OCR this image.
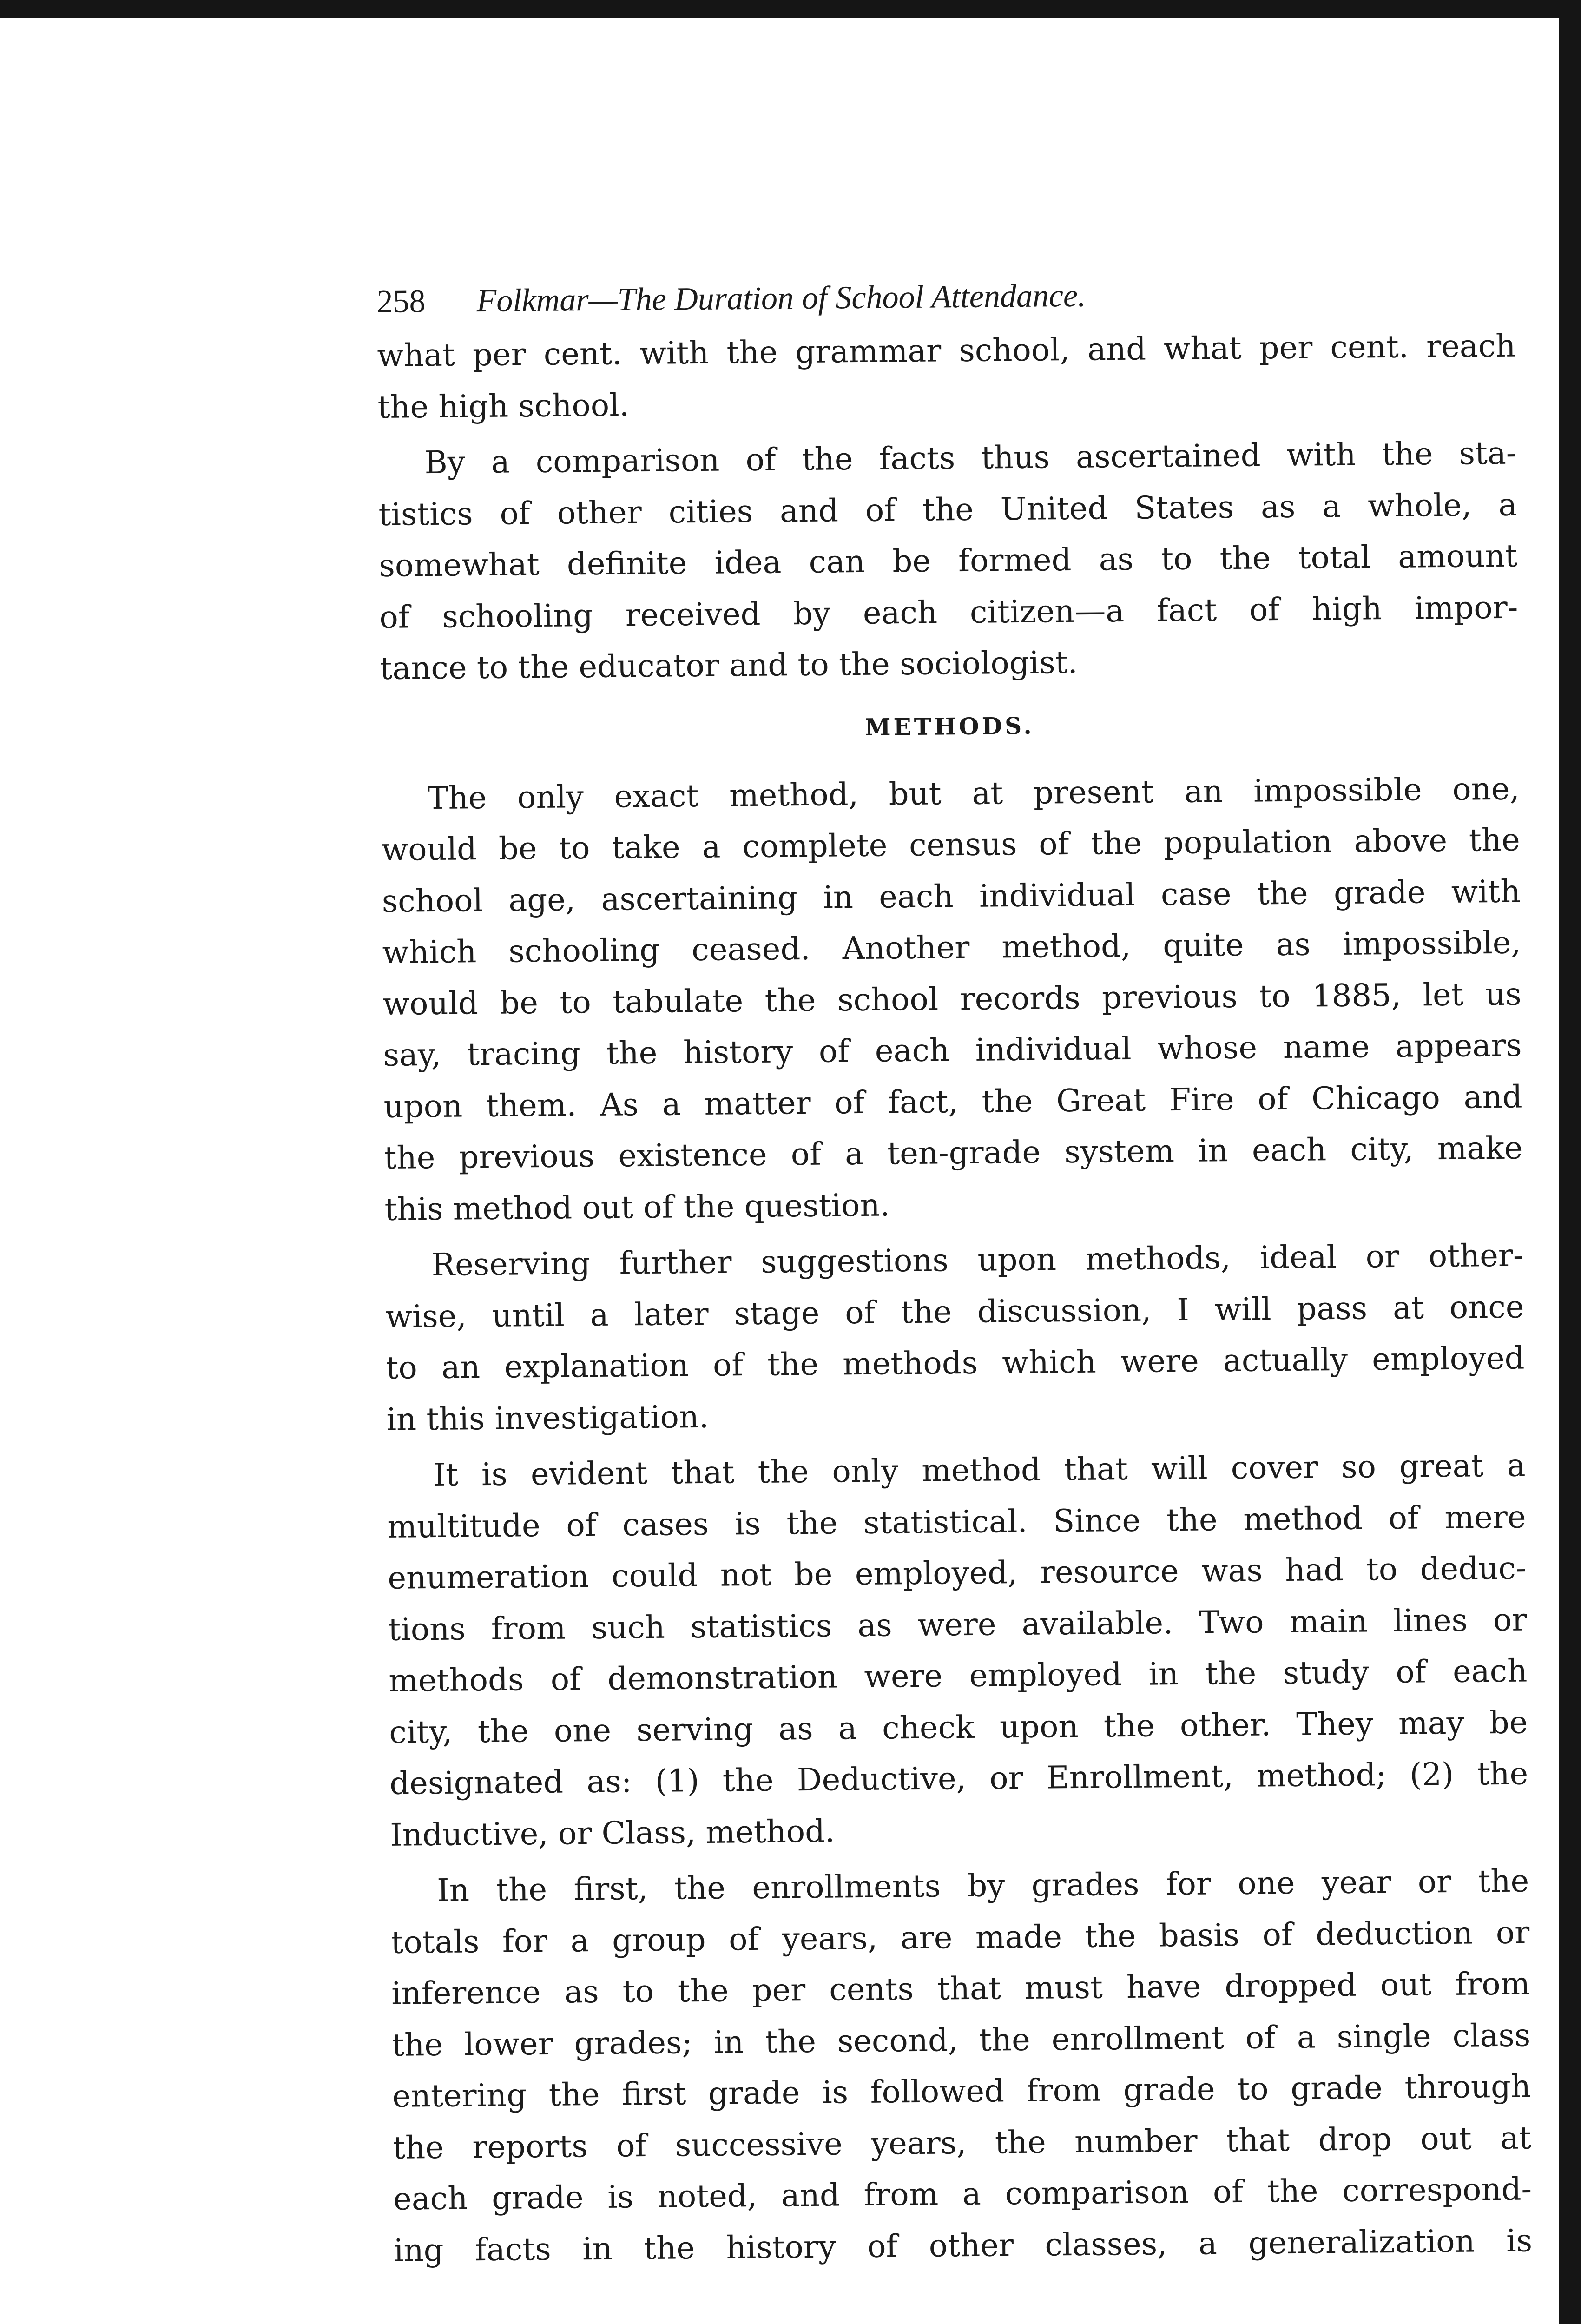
258 Folkmar—The Duration of School Attendance.

what per cent. with the grammar school, and what per cent. reach
the high school.

By a comparison of the facts thus ascertained with the sta-
tistics of other cities and of the United States as a whole, a
somewhat definite idea can be formed as to the total amount
of schooling received by each citizen—a fact of high impor-
tance to the educator and to the sociologist.

METHODS.

The only exact method, but at present an impossible one,
would be to take a complete census of the population above the
school age, ascertaining in each individual case the grade with
which schooling ceased. Another method, quite as impossible,
would be to tabulate the school records previous to 1885, let us
say, tracing the history of each individual whose name appears
upon them. As a matter of fact, the Great Fire of Chicago and
the previous existence of a ten-grade system in each city, make
this method out of the question.

Reserving further suggestions upon methods, ideal or other-
wise, until a later stage of the discussion, I will pass at once
to an explanation of the methods which were actually employed
in this investigation.

It is evident that the only method that will cover so great a
multitude of cases is the statistical. Since the method of mere
enumeration could not be employed, resource was had to deduc-
tions from such statistics as were available. Two main lines or
methods of demonstration were employed in the study of each
city, the one serving as a check upon the other. They may be
designated as: (1) the Deductive, or Enrollment, method; (2) the
Inductive, or Class, method.

In the first, the enrollments by grades for one year or the
totals for a group of years, are made the basis of deduction or
inference as to the per cents that must have dropped out from
the lower grades; in the second, the enrollment of a single class
entering the first grade is followed from grade to grade through
the reports of successive years, the number that drop out at
each grade is noted, and from a comparison of the correspond-
ing facts in the history of other classes, a generalization is
